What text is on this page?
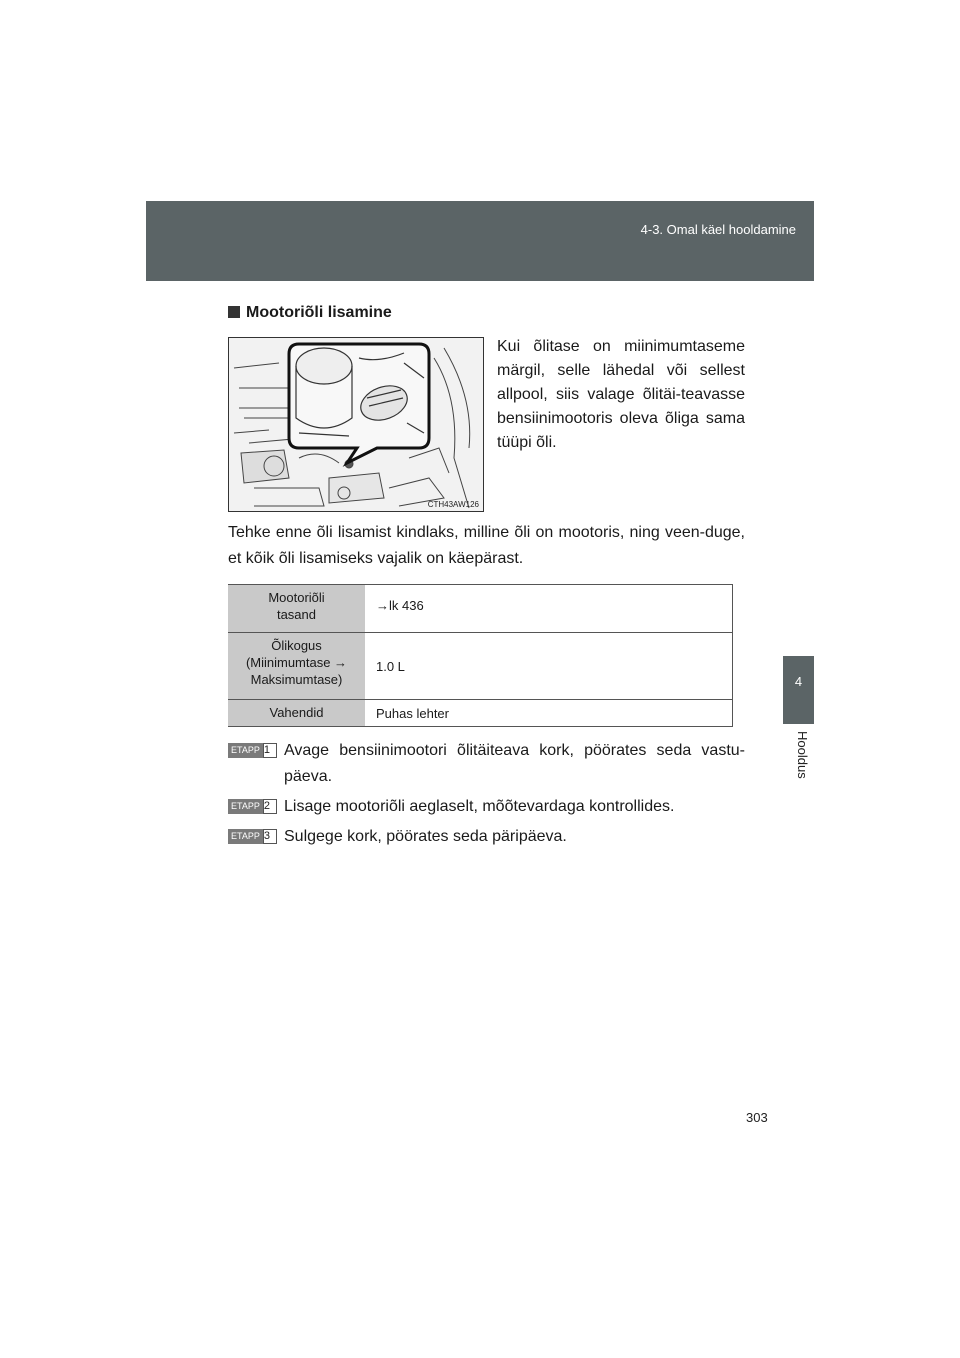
4-3. Omal käel hooldamine
4
Hooldus
Mootoriõli lisamine
CTH43AW126

Kui õlitase on miinimumtaseme märgil, selle lähedal või sellest allpool, siis valage õlitäi-teavasse bensiinimootoris oleva õliga sama tüüpi õli.

Tehke enne õli lisamist kindlaks, milline õli on mootoris, ning veen-duge, et kõik õli lisamiseks vajalik on käepärast.

Mootoriõli
tasand	→lk 436

Õlikogus
(Miinimumtase →
Maksimumtase)	1.0 L

Vahendid	Puhas lehter
ETAPP 1 Avage bensiinimootori õlitäiteava kork, pöörates seda vastu-päeva.
ETAPP 2 Lisage mootoriõli aeglaselt, mõõtevardaga kontrollides.
ETAPP 3 Sulgege kork, pöörates seda päripäeva.
303
